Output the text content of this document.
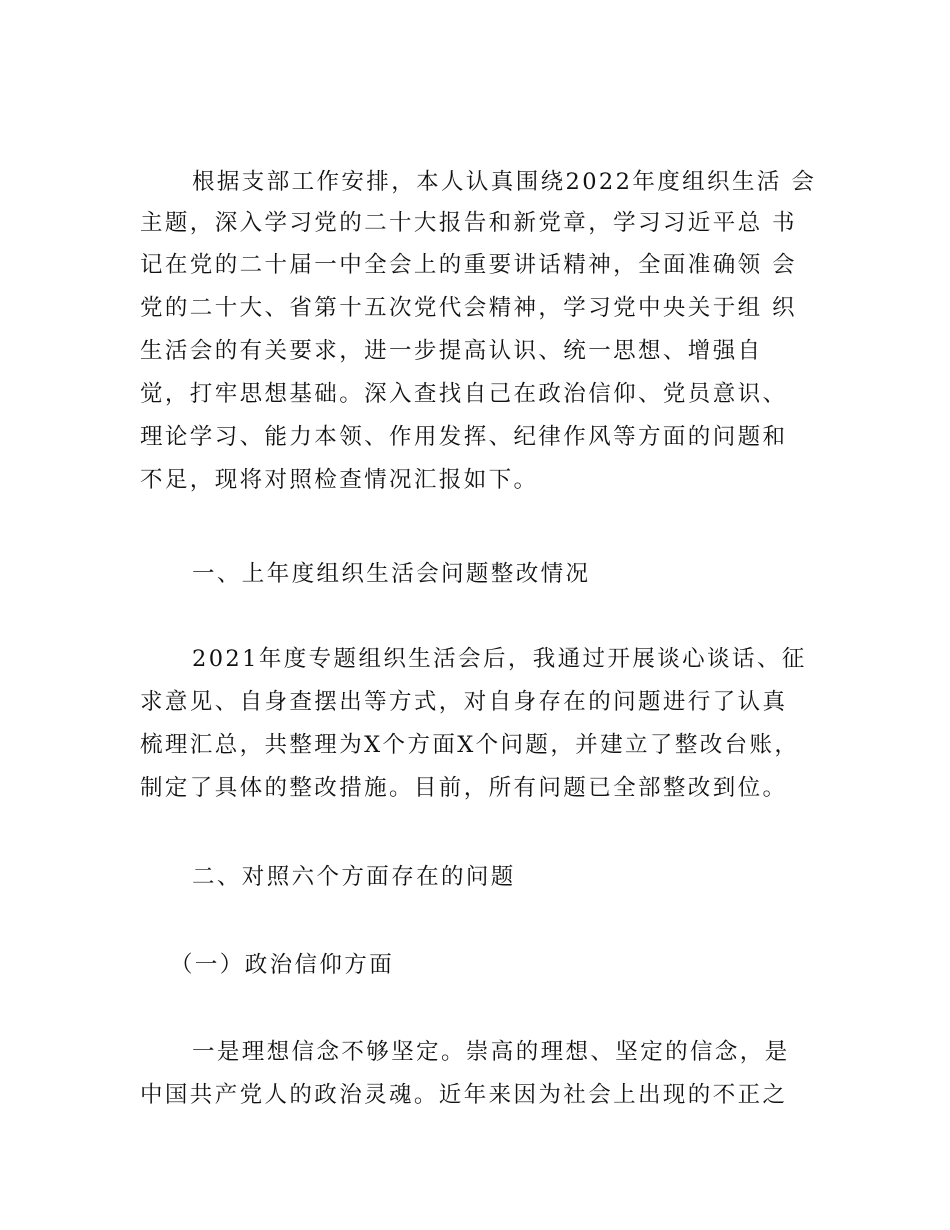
根据支部工作安排，本人认真围绕2022年度组织生活 会
主题，深入学习党的二十大报告和新党章，学习习近平总 书
记在党的二十届一中全会上的重要讲话精神，全面准确领 会
党的二十大、省第十五次党代会精神，学习党中央关于组 织
生活会的有关要求，进一步提高认识、统一思想、增强自
觉，打牢思想基础。深入查找自己在政治信仰、党员意识、
理论学习、能力本领、作用发挥、纪律作风等方面的问题和
不足，现将对照检查情况汇报如下。
一、上年度组织生活会问题整改情况
2021年度专题组织生活会后，我通过开展谈心谈话、征
求意见、自身查摆出等方式，对自身存在的问题进行了认真
梳理汇总，共整理为X个方面X个问题，并建立了整改台账，
制定了具体的整改措施。目前，所有问题已全部整改到位。
二、对照六个方面存在的问题
（一）政治信仰方面
一是理想信念不够坚定。崇高的理想、坚定的信念，是
中国共产党人的政治灵魂。近年来因为社会上出现的不正之
